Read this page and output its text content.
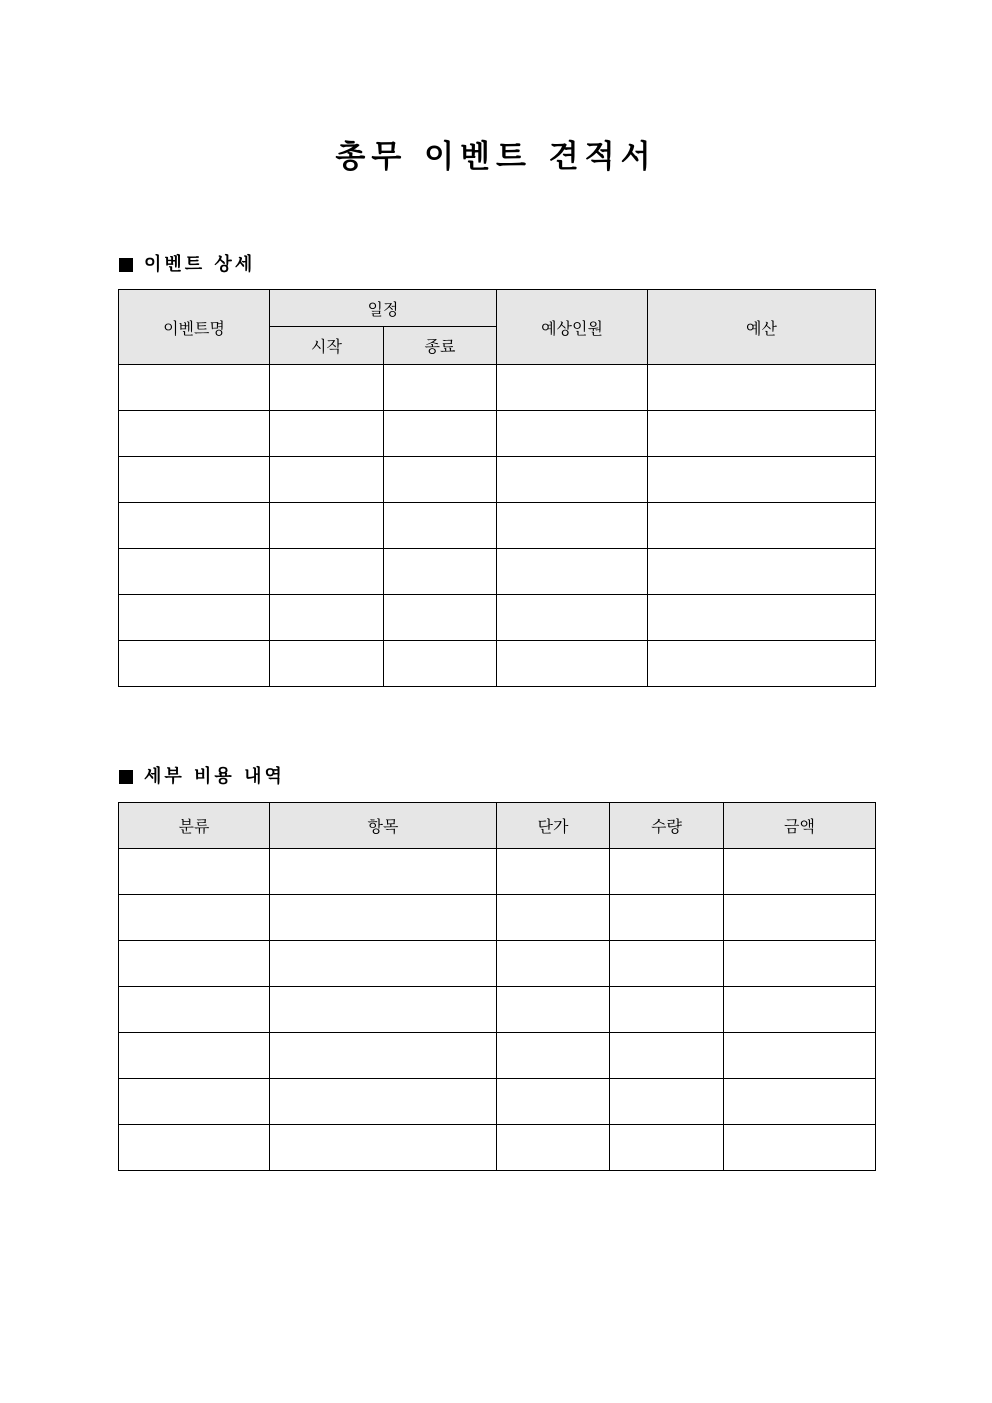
총무 이벤트 견적서
이벤트 상세
이벤트명	일정		예상인원	예산
	시작	종료		

세부 비용 내역
분류	항목	단가	수량	금액
